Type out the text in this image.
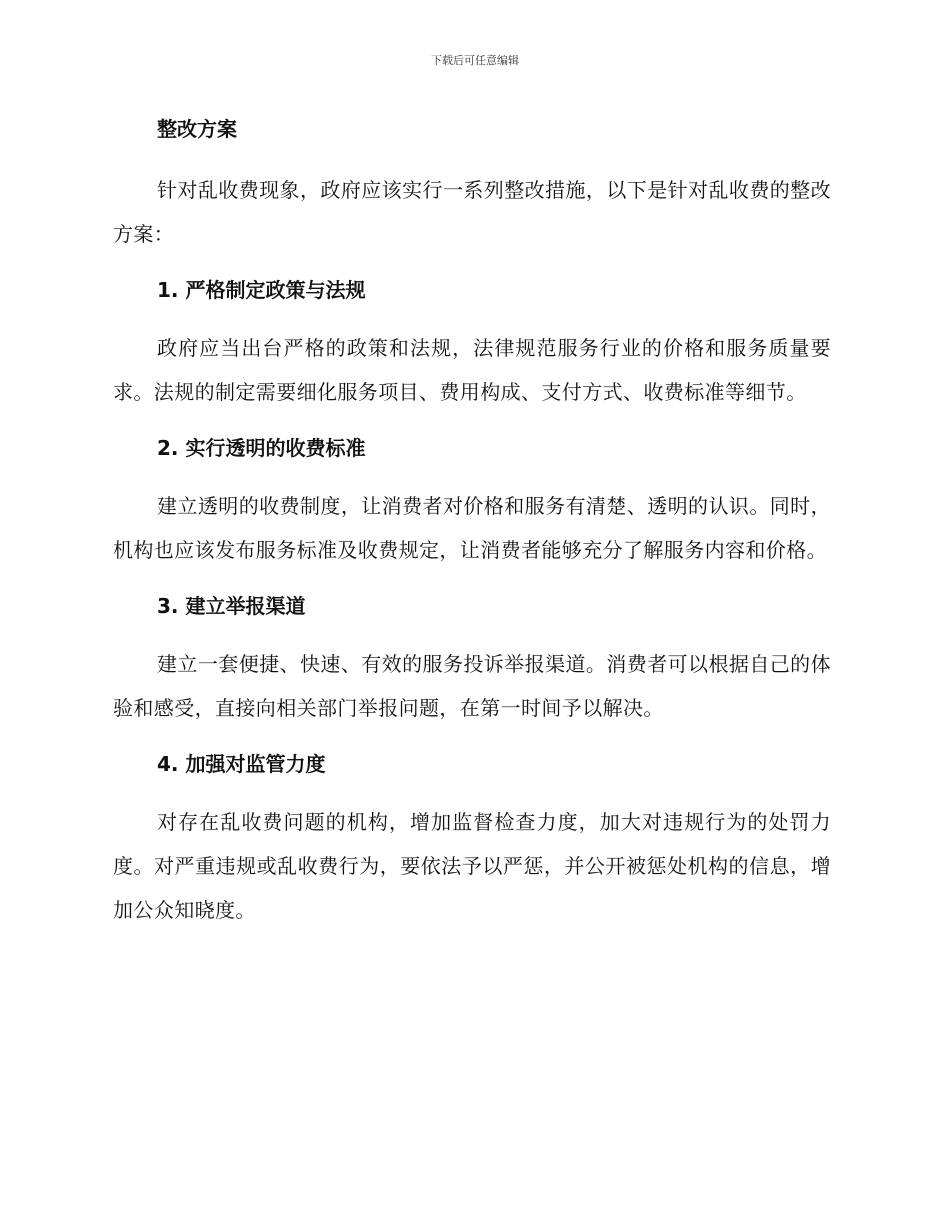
下载后可任意编辑
整改方案

针对乱收费现象，政府应该实行一系列整改措施，以下是针对乱收费的整改方案：

1. 严格制定政策与法规

政府应当出台严格的政策和法规，法律规范服务行业的价格和服务质量要求。法规的制定需要细化服务项目、费用构成、支付方式、收费标准等细节。

2. 实行透明的收费标准

建立透明的收费制度，让消费者对价格和服务有清楚、透明的认识。同时，机构也应该发布服务标准及收费规定，让消费者能够充分了解服务内容和价格。

3. 建立举报渠道

建立一套便捷、快速、有效的服务投诉举报渠道。消费者可以根据自己的体验和感受，直接向相关部门举报问题，在第一时间予以解决。

4. 加强对监管力度

对存在乱收费问题的机构，增加监督检查力度，加大对违规行为的处罚力度。对严重违规或乱收费行为，要依法予以严惩，并公开被惩处机构的信息，增加公众知晓度。
